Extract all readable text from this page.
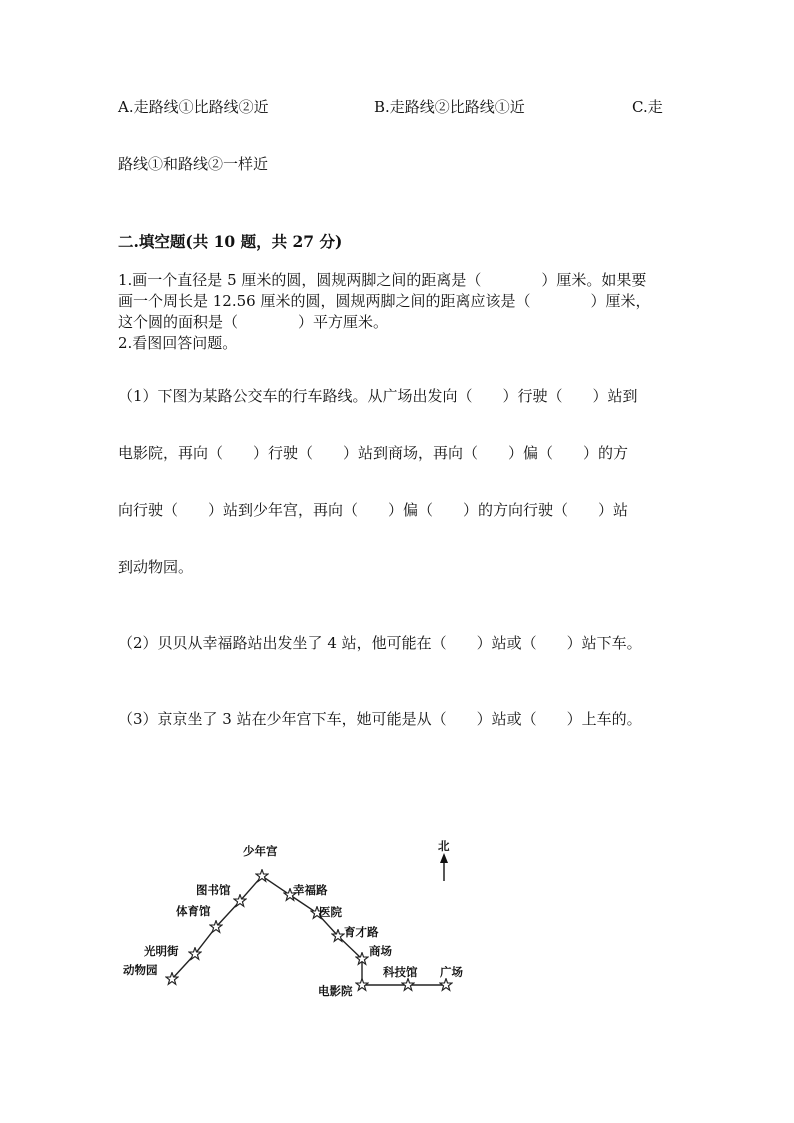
A.走路线①比路线②近	B.走路线②比路线①近	C.走
路线①和路线②一样近
二.填空题(共 10 题，共 27 分)
1.画一个直径是 5 厘米的圆，圆规两脚之间的距离是（　　　　）厘米。如果要
画一个周长是 12.56 厘米的圆，圆规两脚之间的距离应该是（　　　　）厘米，
这个圆的面积是（　　　　）平方厘米。
2.看图回答问题。
（1）下图为某路公交车的行车路线。从广场出发向（　　）行驶（　　）站到
电影院，再向（　　）行驶（　　）站到商场，再向（　　）偏（　　）的方
向行驶（　　）站到少年宫，再向（　　）偏（　　）的方向行驶（　　）站
到动物园。
（2）贝贝从幸福路站出发坐了 4 站，他可能在（　　）站或（　　）站下车。
（3）京京坐了 3 站在少年宫下车，她可能是从（　　）站或（　　）上车的。
北
少年宫
图书馆	幸福路
体育馆	医院
育才路
光明街	商场
动物园	科技馆 广场
电影院
